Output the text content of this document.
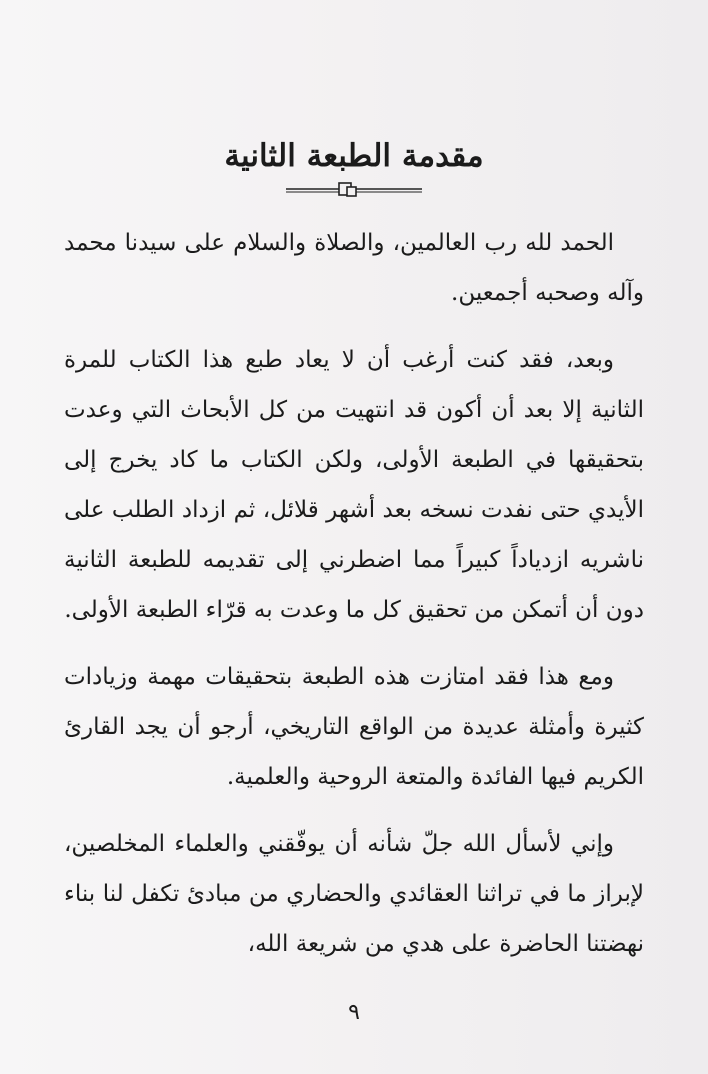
مقدمة الطبعة الثانية

الحمد لله رب العالمين، والصلاة والسلام على سيدنا محمد وآله وصحبه أجمعين.

وبعد، فقد كنت أرغب أن لا يعاد طبع هذا الكتاب للمرة الثانية إلا بعد أن أكون قد انتهيت من كل الأبحاث التي وعدت بتحقيقها في الطبعة الأولى، ولكن الكتاب ما كاد يخرج إلى الأيدي حتى نفدت نسخه بعد أشهر قلائل، ثم ازداد الطلب على ناشريه ازدياداً كبيراً مما اضطرني إلى تقديمه للطبعة الثانية دون أن أتمكن من تحقيق كل ما وعدت به قرّاء الطبعة الأولى.

ومع هذا فقد امتازت هذه الطبعة بتحقيقات مهمة وزيادات كثيرة وأمثلة عديدة من الواقع التاريخي، أرجو أن يجد القارئ الكريم فيها الفائدة والمتعة الروحية والعلمية.

وإني لأسأل الله جلّ شأنه أن يوفّقني والعلماء المخلصين، لإبراز ما في تراثنا العقائدي والحضاري من مبادئ تكفل لنا بناء نهضتنا الحاضرة على هدي من شريعة الله،

٩
